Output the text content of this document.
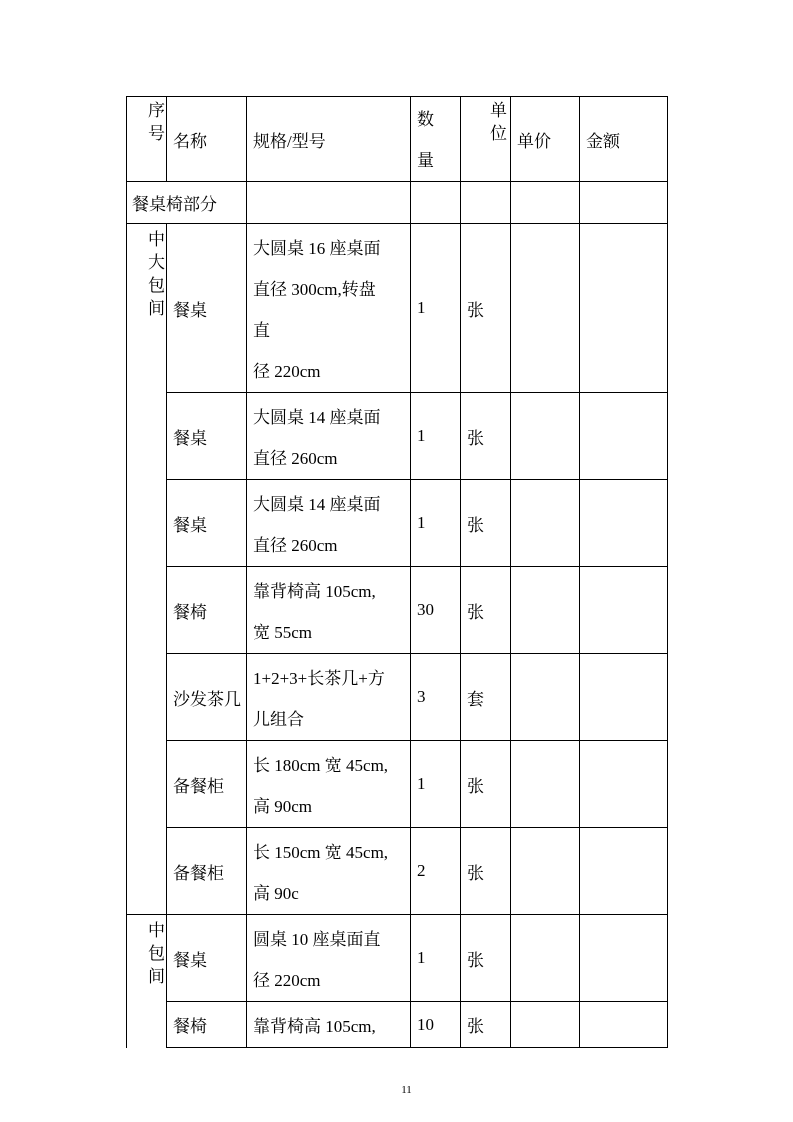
序号	名称	规格/型号	数量	单位	单价	金额
餐桌椅部分						
中大包间	餐桌	大圆桌 16 座桌面
直径 300cm,转盘
直
径 220cm	1	张		
	餐桌	大圆桌 14 座桌面
直径 260cm	1	张		
	餐桌	大圆桌 14 座桌面
直径 260cm	1	张		
	餐椅	靠背椅高 105cm,
宽 55cm	30	张		
	沙发茶几	1+2+3+长茶几+方
儿组合	3	套		
	备餐柜	长 180cm 宽 45cm,
高 90cm	1	张		
	备餐柜	长 150cm 宽 45cm,
高 90c	2	张		
中包间	餐桌	圆桌 10 座桌面直
径 220cm	1	张		
	餐椅	靠背椅高 105cm,	10	张		
11
